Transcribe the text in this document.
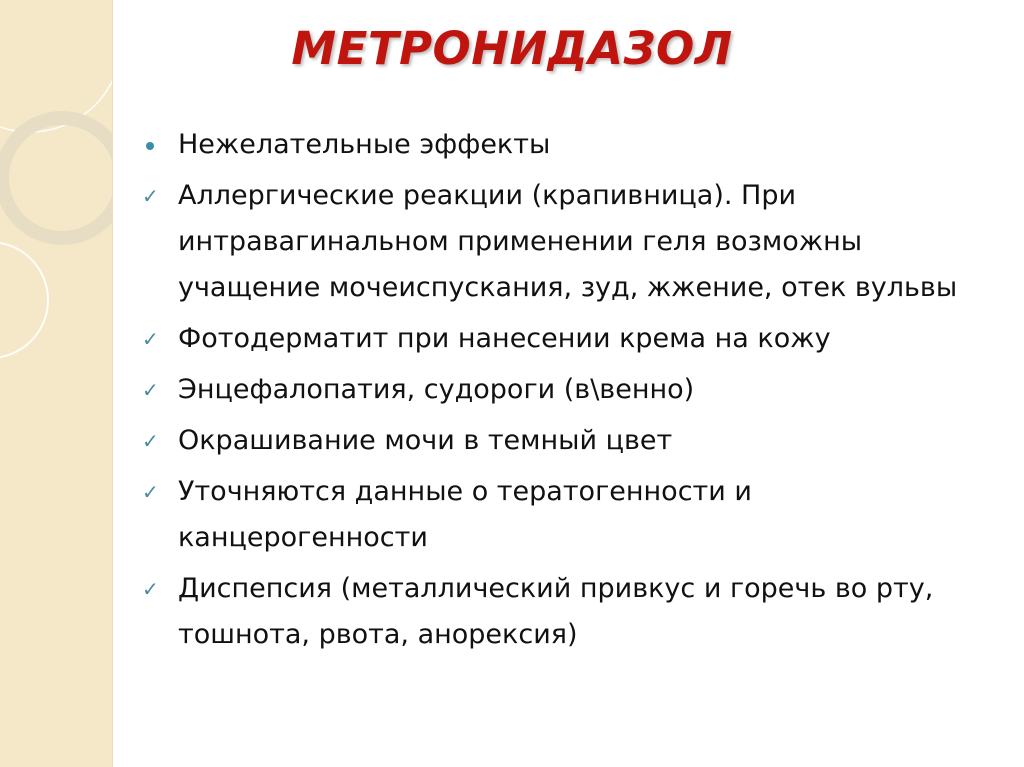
МЕТРОНИДАЗОЛ
Нежелательные эффекты
✓ Аллергические реакции (крапивница). При интравагинальном применении геля возможны учащение мочеиспускания, зуд, жжение, отек вульвы
✓ Фотодерматит при нанесении крема на кожу
✓ Энцефалопатия, судороги (в\венно)
✓ Окрашивание мочи в темный цвет
✓ Уточняются данные о тератогенности и канцерогенности
✓ Диспепсия (металлический привкус и горечь во рту, тошнота, рвота, анорексия)
